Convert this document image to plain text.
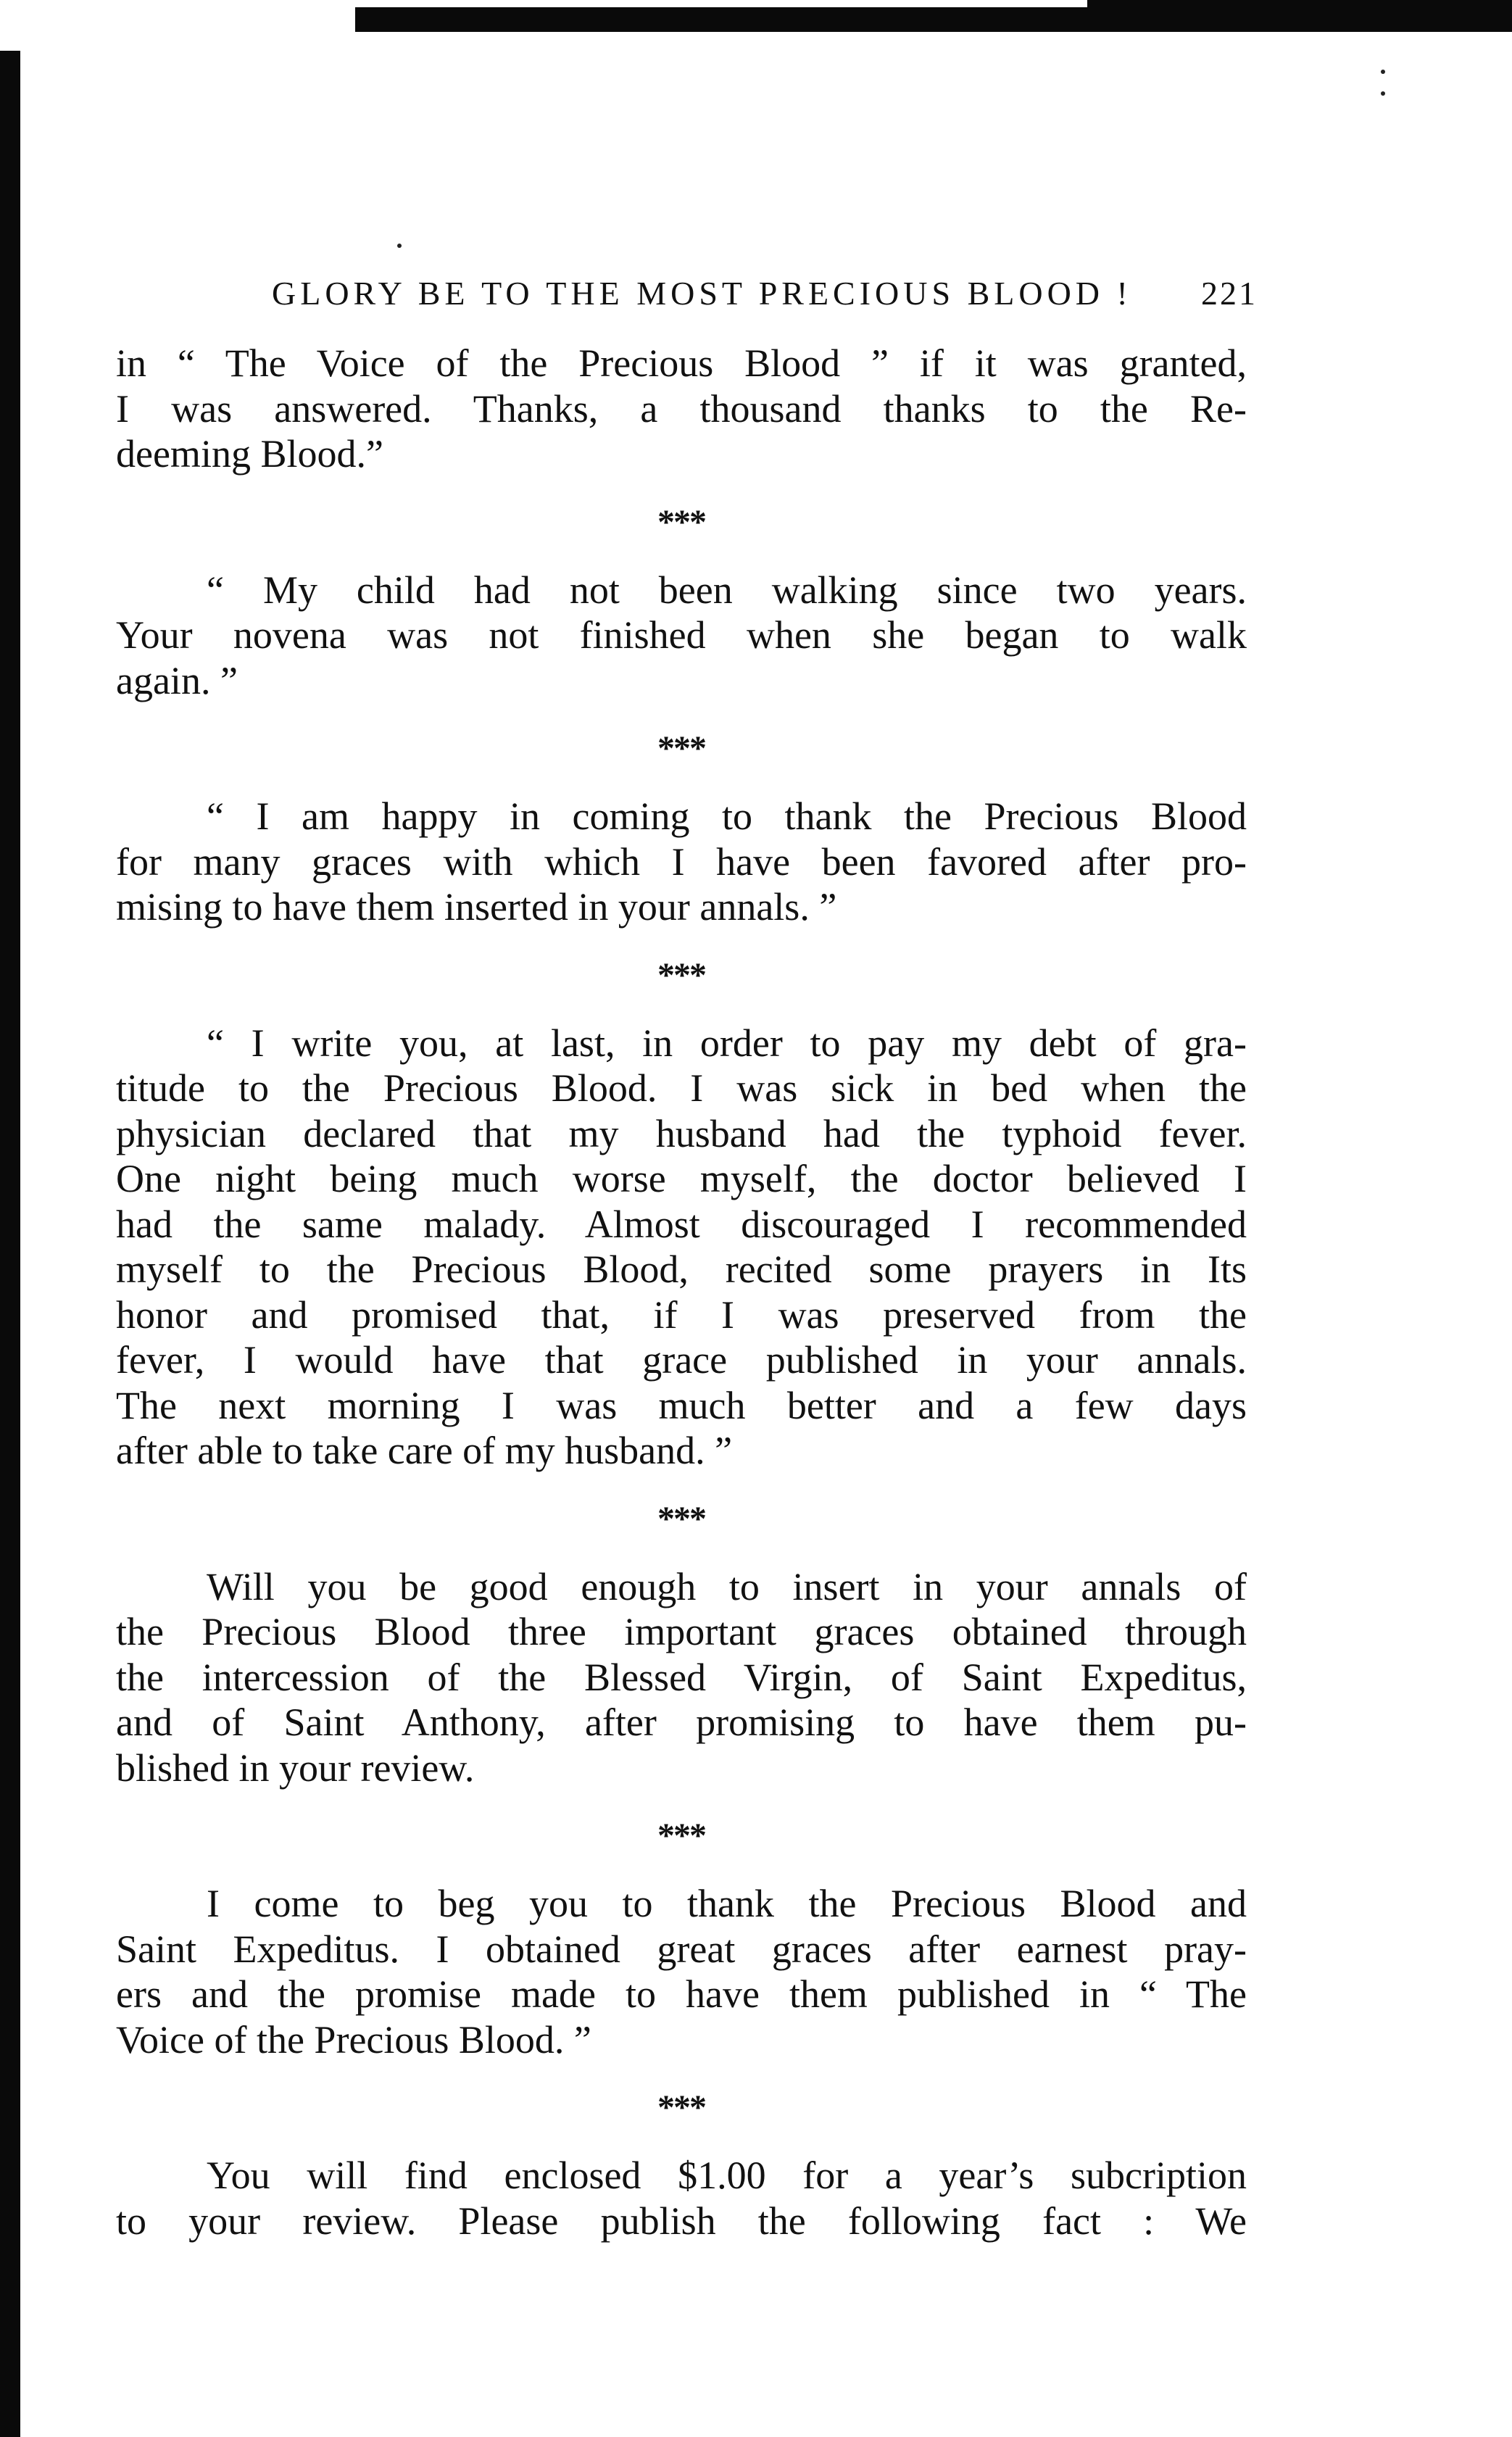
GLORY BE TO THE MOST PRECIOUS BLOOD ! 221

in “ The Voice of the Precious Blood ” if it was granted,
I was answered. Thanks, a thousand thanks to the Re-
deeming Blood.”

***

“ My child had not been walking since two years.
Your novena was not finished when she began to walk
again. ”

***

“ I am happy in coming to thank the Precious Blood
for many graces with which I have been favored after pro-
mising to have them inserted in your annals. ”

***

“ I write you, at last, in order to pay my debt of gra-
titude to the Precious Blood. I was sick in bed when the
physician declared that my husband had the typhoid fever.
One night being much worse myself, the doctor believed I
had the same malady. Almost discouraged I recommended
myself to the Precious Blood, recited some prayers in Its
honor and promised that, if I was preserved from the
fever, I would have that grace published in your annals.
The next morning I was much better and a few days
after able to take care of my husband. ”

***

Will you be good enough to insert in your annals of
the Precious Blood three important graces obtained through
the intercession of the Blessed Virgin, of Saint Expeditus,
and of Saint Anthony, after promising to have them pu-
blished in your review.

***

I come to beg you to thank the Precious Blood and
Saint Expeditus. I obtained great graces after earnest pray-
ers and the promise made to have them published in “ The
Voice of the Precious Blood. ”

***

You will find enclosed $1.00 for a year’s subcription
to your review. Please publish the following fact : We
